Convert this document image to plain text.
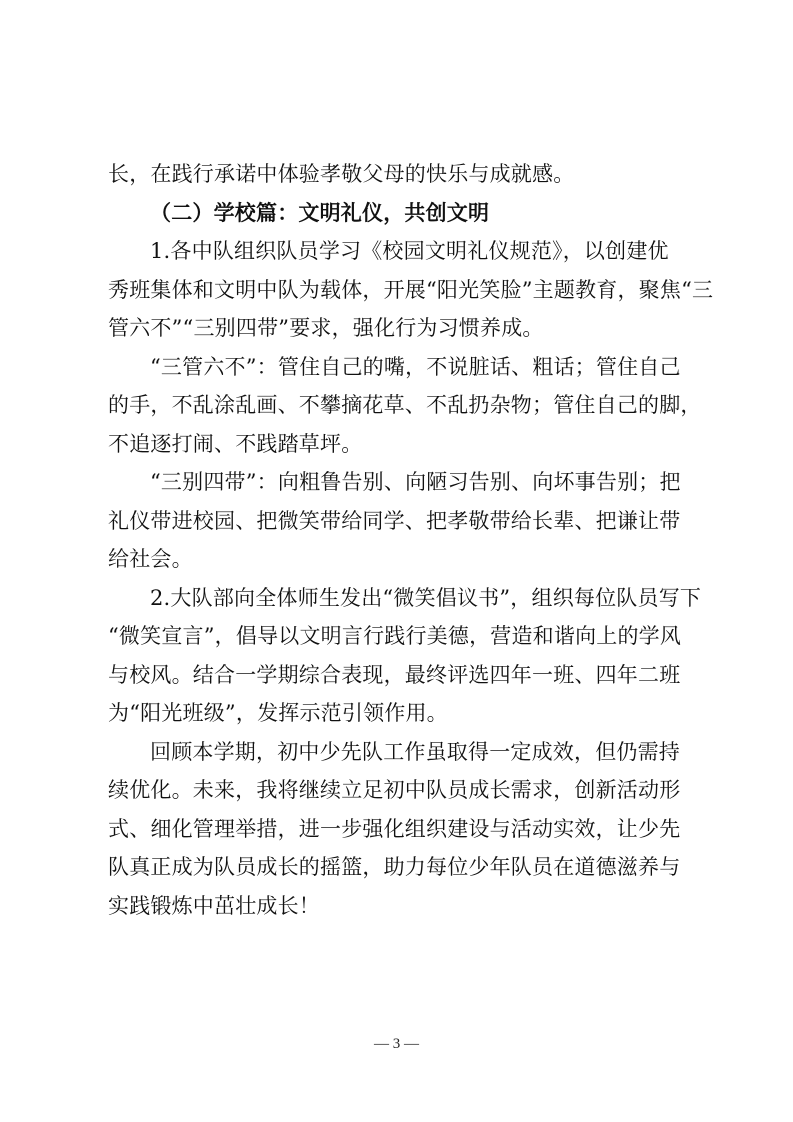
长，在践行承诺中体验孝敬父母的快乐与成就感。
（二）学校篇：文明礼仪，共创文明
1.各中队组织队员学习《校园文明礼仪规范》，以创建优
秀班集体和文明中队为载体，开展“阳光笑脸”主题教育，聚焦“三
管六不”“三别四带”要求，强化行为习惯养成。
“三管六不”：管住自己的嘴，不说脏话、粗话；管住自己
的手，不乱涂乱画、不攀摘花草、不乱扔杂物；管住自己的脚，
不追逐打闹、不践踏草坪。
“三别四带”：向粗鲁告别、向陋习告别、向坏事告别；把
礼仪带进校园、把微笑带给同学、把孝敬带给长辈、把谦让带
给社会。
2.大队部向全体师生发出“微笑倡议书”，组织每位队员写下
“微笑宣言”，倡导以文明言行践行美德，营造和谐向上的学风
与校风。结合一学期综合表现，最终评选四年一班、四年二班
为“阳光班级”，发挥示范引领作用。
回顾本学期，初中少先队工作虽取得一定成效，但仍需持
续优化。未来，我将继续立足初中队员成长需求，创新活动形
式、细化管理举措，进一步强化组织建设与活动实效，让少先
队真正成为队员成长的摇篮，助力每位少年队员在道德滋养与
实践锻炼中茁壮成长！
— 3 —
